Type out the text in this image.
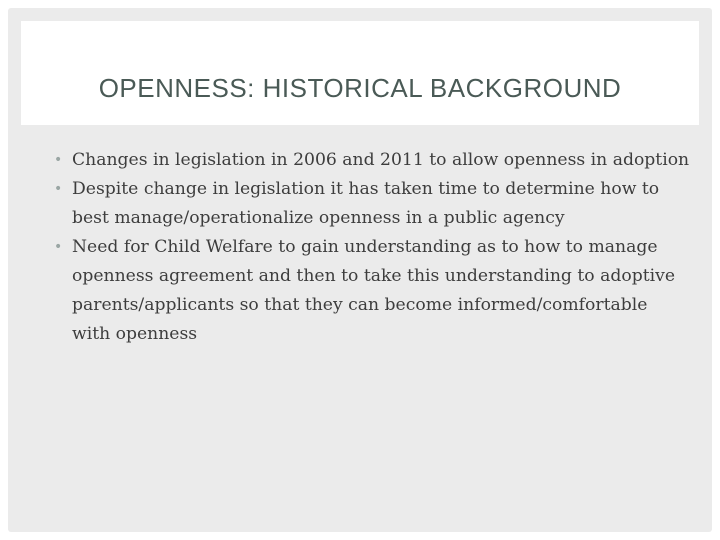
OPENNESS: HISTORICAL BACKGROUND
• Changes in legislation in 2006 and 2011 to allow openness in adoption
• Despite change in legislation it has taken time to determine how to best manage/operationalize openness in a public agency
• Need for Child Welfare to gain understanding as to how to manage openness agreement and then to take this understanding to adoptive parents/applicants so that they can become informed/comfortable with openness
